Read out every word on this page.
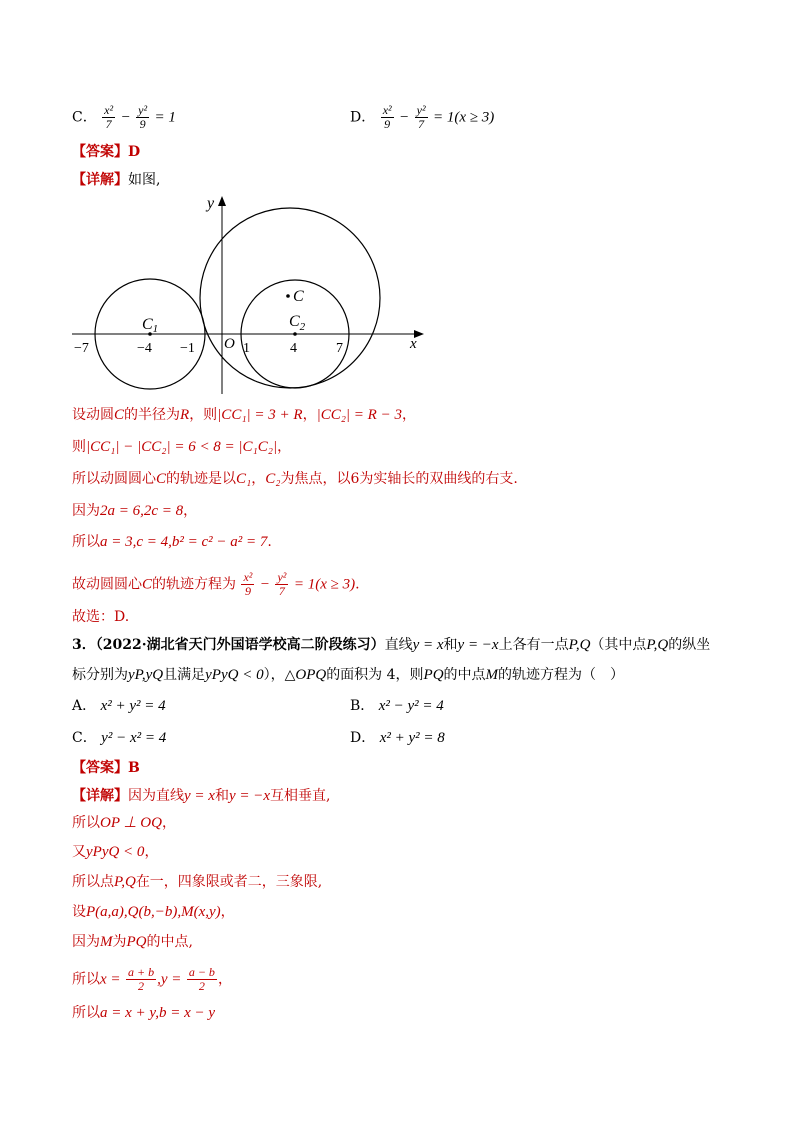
C． $\frac{\text{x²}}{7} - \frac{\text{y²}}{9} = 1$	D． $\frac{\text{x²}}{9} - \frac{\text{y²}}{7} = 1(x \ge 3)$
【答案】D
【详解】如图,
y
x
O
C1	$C_2$
C
−7	−4 −1	1	4	7
设动圆C的半径为R，则|CC₁| = 3 + R，|CC₂| = R − 3，
则|CC₁| − |CC₂| = 6 < 8 = |C₁C₂|，
所以动圆圆心C的轨迹是以C₁，C₂为焦点，以6为实轴长的双曲线的右支.
因为2a = 6,2c = 8，
所以a = 3,c = 4,b² = c² − a² = 7.
故动圆圆心C的轨迹方程为 $\frac{\text{x²}}{9} - \frac{\text{y²}}{7} = 1(x \ge 3)$.
故选：D.
3．（2022·湖北省天门外国语学校高二阶段练习）直线y = x和y = −x上各有一点P,Q（其中点P,Q的纵坐
标分别为yP,yQ且满足yPyQ < 0），△OPQ的面积为 4，则PQ的中点M的轨迹方程为（　）
A． x² + y² = 4	B． x² − y² = 4
C． y² − x² = 4	D． x² + y² = 8
【答案】B
【详解】因为直线y = x和y = −x互相垂直,
所以OP ⊥ OQ，
又yPyQ < 0，
所以点P,Q在一，四象限或者二，三象限,
设P(a,a),Q(b,−b),M(x,y)，
因为M为PQ的中点,
所以$x = \frac{a + b}{2} ,y = \frac{a - b}{2}$ ，
所以a = x + y,b = x − y
